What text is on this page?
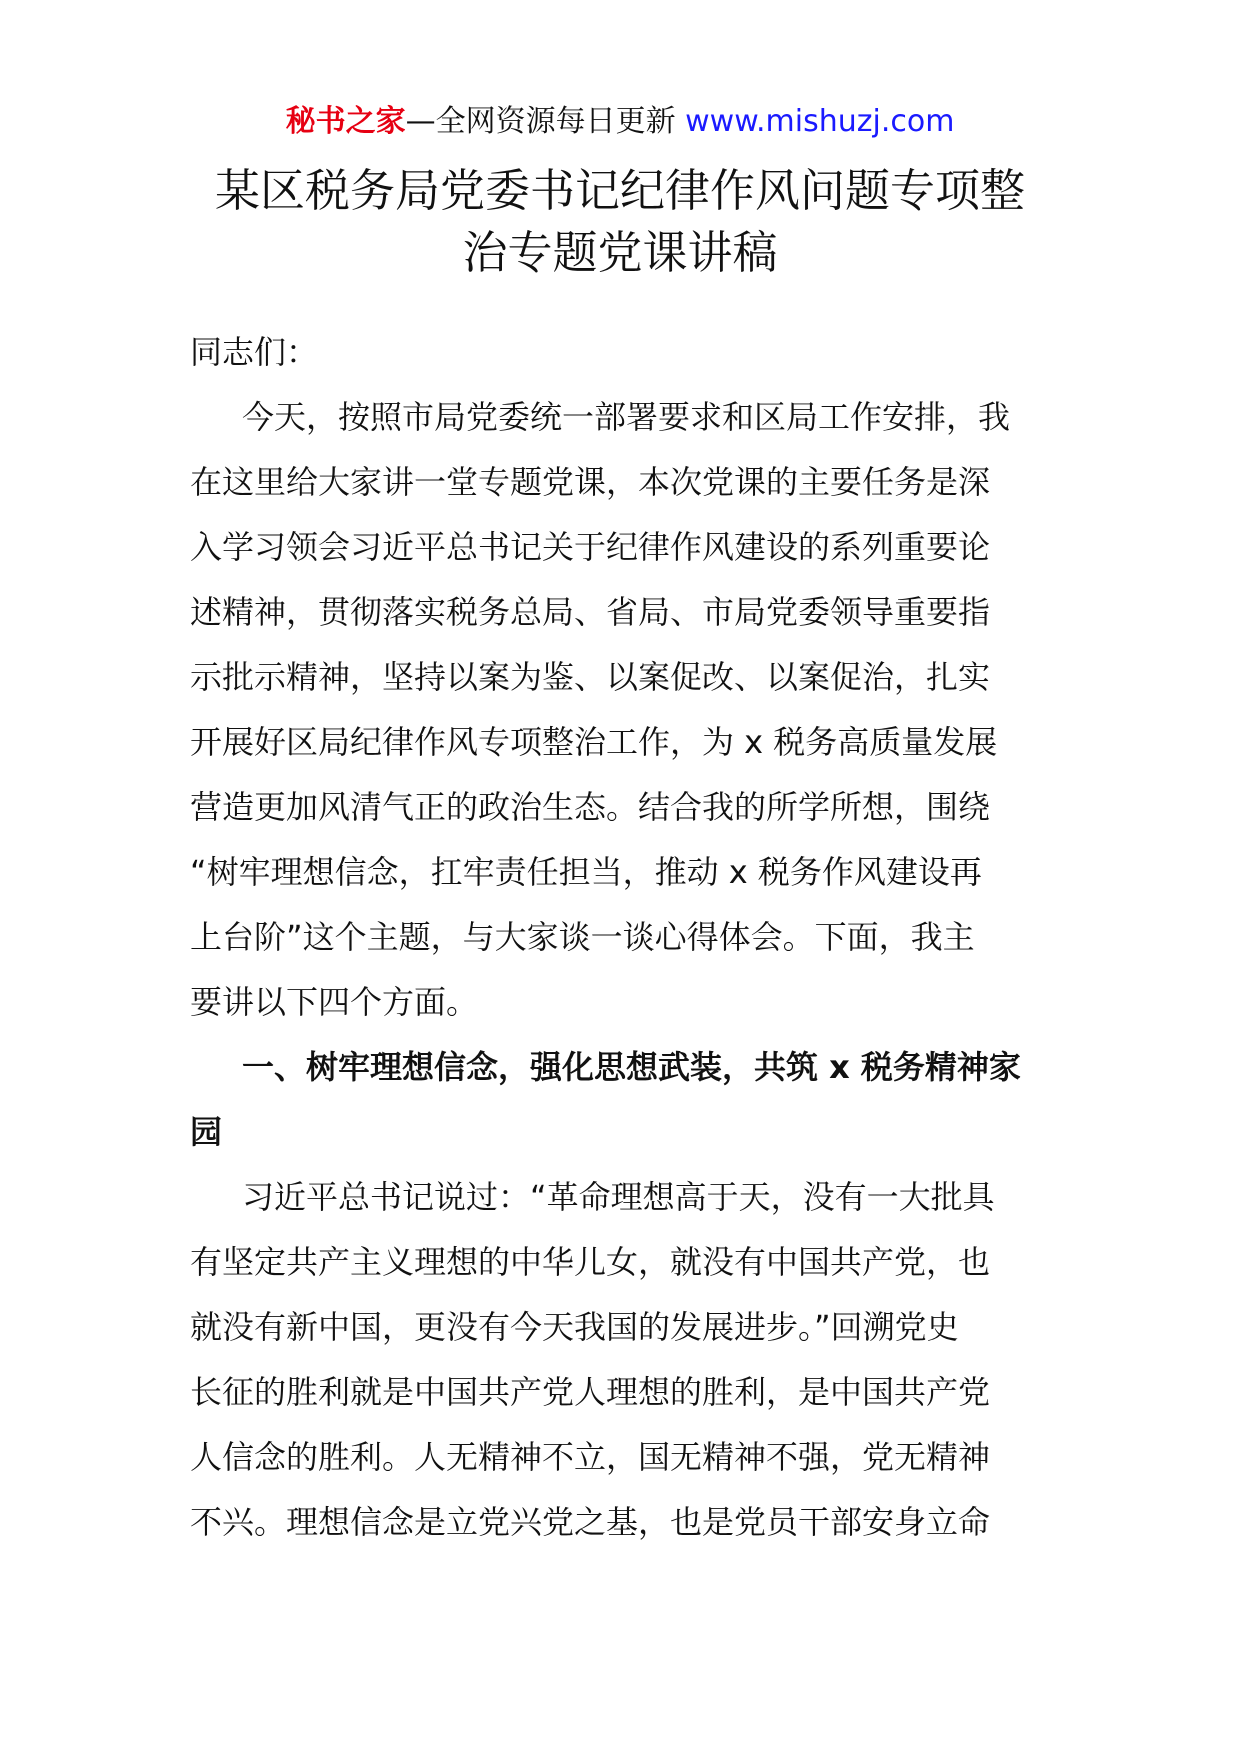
秘书之家—全网资源每日更新 www.mishuzj.com
某区税务局党委书记纪律作风问题专项整
治专题党课讲稿

同志们：

今天，按照市局党委统一部署要求和区局工作安排，我
在这里给大家讲一堂专题党课，本次党课的主要任务是深
入学习领会习近平总书记关于纪律作风建设的系列重要论
述精神，贯彻落实税务总局、省局、市局党委领导重要指
示批示精神，坚持以案为鉴、以案促改、以案促治，扎实
开展好区局纪律作风专项整治工作，为 x 税务高质量发展
营造更加风清气正的政治生态。结合我的所学所想，围绕
“树牢理想信念，扛牢责任担当，推动 x 税务作风建设再
上台阶”这个主题，与大家谈一谈心得体会。下面，我主
要讲以下四个方面。

一、树牢理想信念，强化思想武装，共筑 x 税务精神家
园

习近平总书记说过：“革命理想高于天，没有一大批具
有坚定共产主义理想的中华儿女，就没有中国共产党，也
就没有新中国，更没有今天我国的发展进步。”回溯党史
长征的胜利就是中国共产党人理想的胜利，是中国共产党
人信念的胜利。人无精神不立，国无精神不强，党无精神
不兴。理想信念是立党兴党之基，也是党员干部安身立命
